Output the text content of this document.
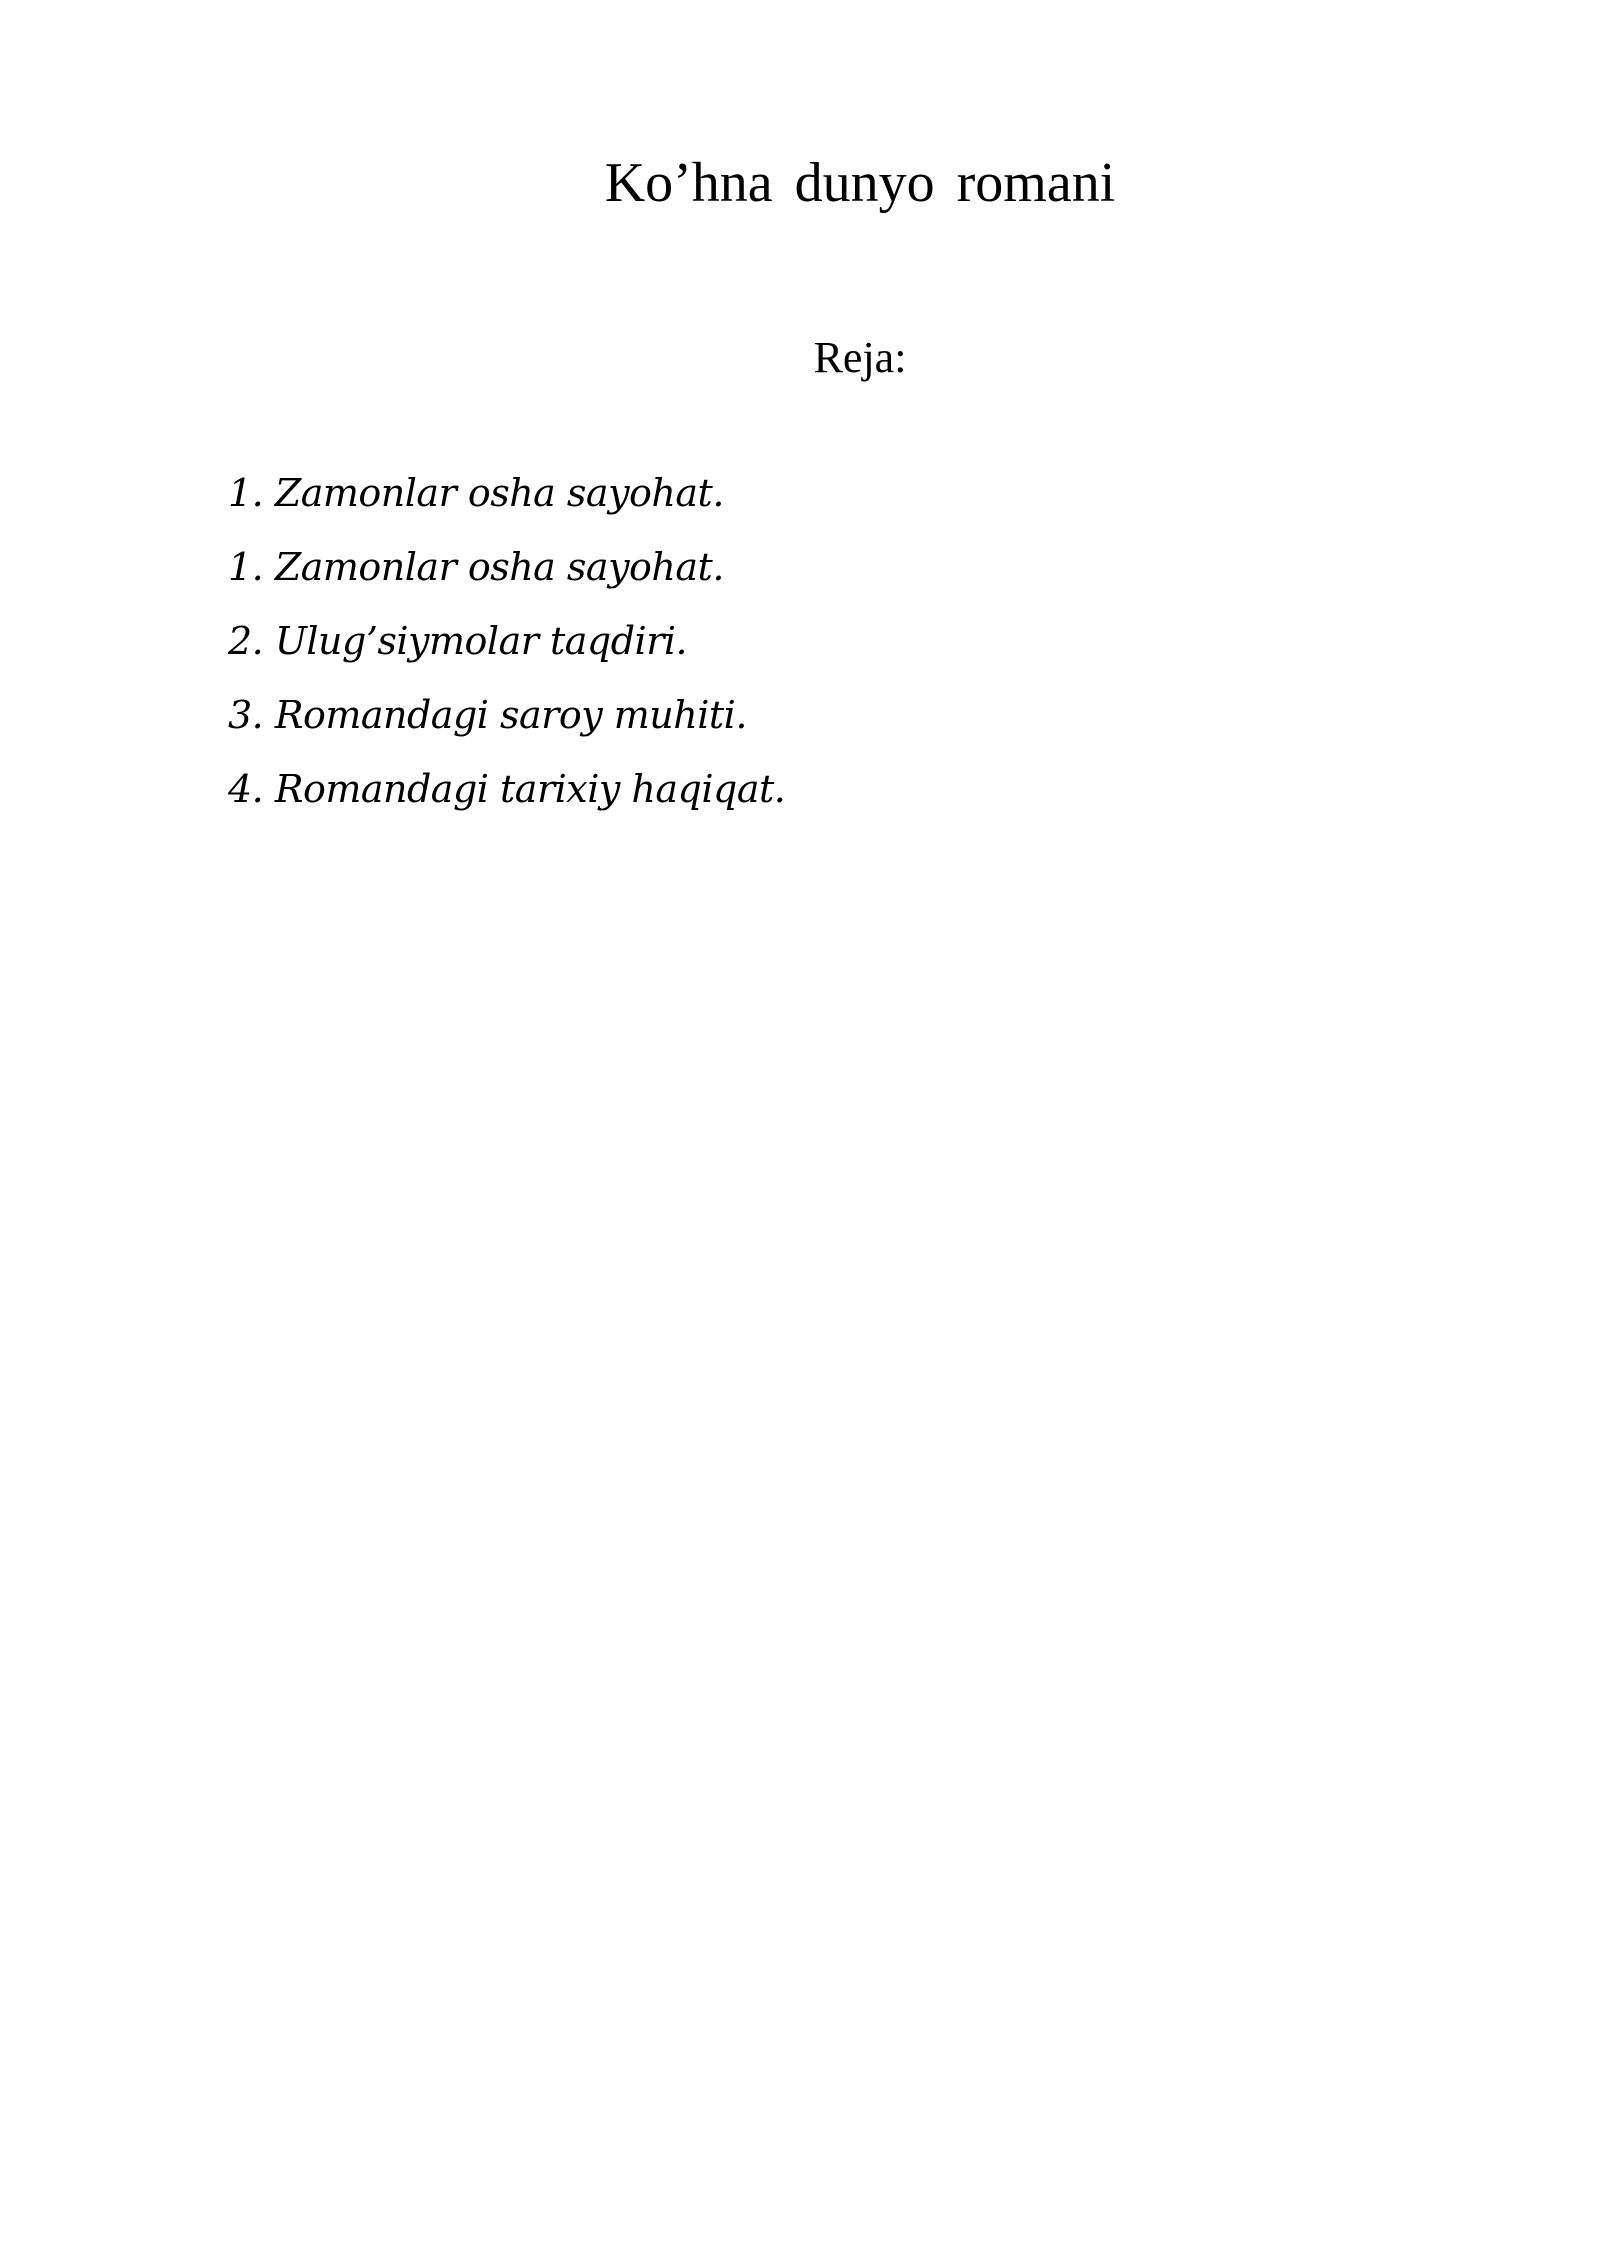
Ko’hna dunyo romani
Reja:
1. Zamonlar osha sayohat.
1. Zamonlar osha sayohat.
2. Ulug’siymolar taqdiri.
3. Romandagi saroy muhiti.
4. Romandagi tarixiy haqiqat.
